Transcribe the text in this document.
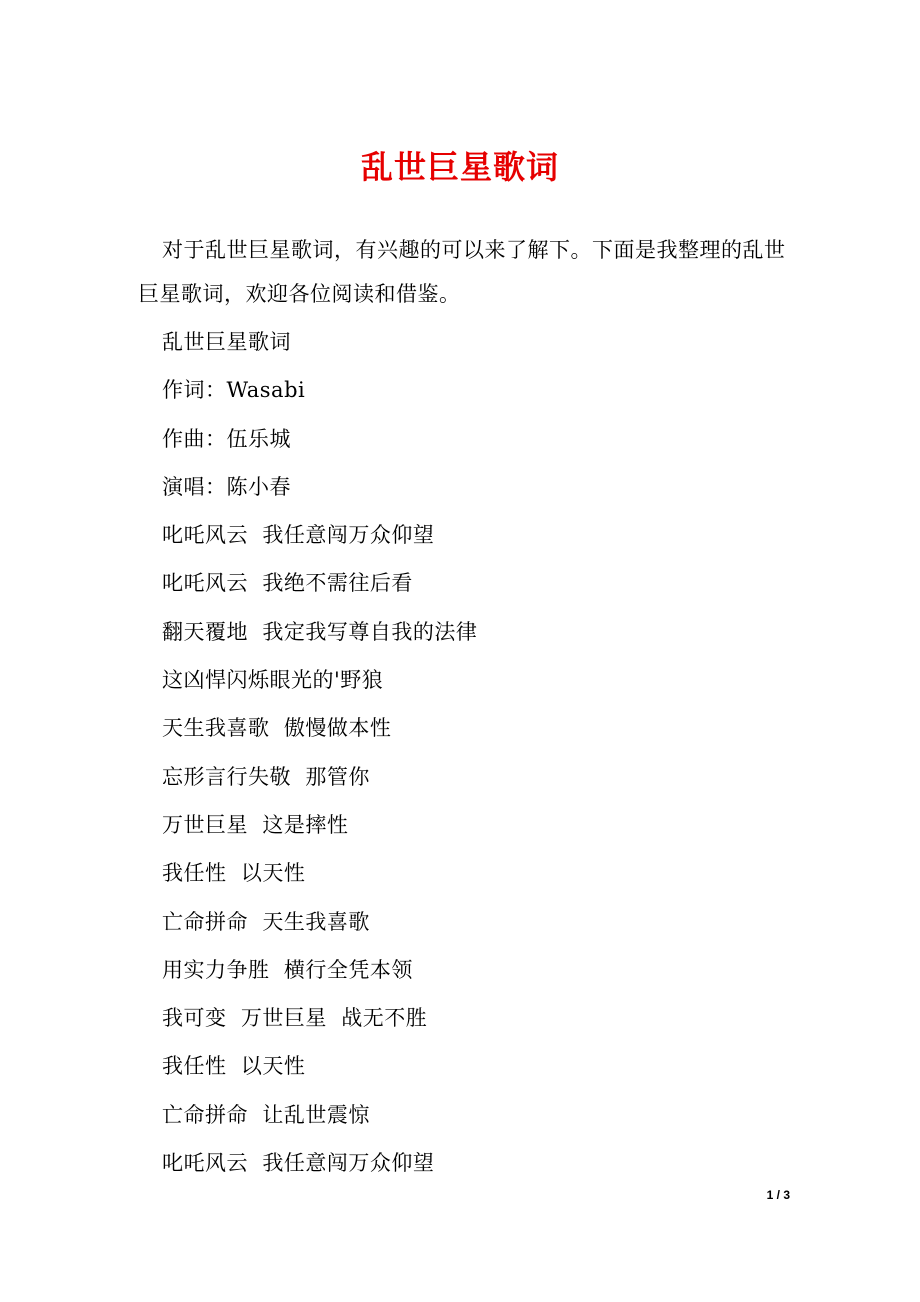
乱世巨星歌词

对于乱世巨星歌词，有兴趣的可以来了解下。下面是我整理的乱世巨星歌词，欢迎各位阅读和借鉴。

乱世巨星歌词
作词：Wasabi
作曲：伍乐城
演唱：陈小春
叱吒风云  我任意闯万众仰望
叱吒风云  我绝不需往后看
翻天覆地  我定我写尊自我的法律
这凶悍闪烁眼光的'野狼
天生我喜歌  傲慢做本性
忘形言行失敬  那管你
万世巨星  这是摔性
我任性  以天性
亡命拼命  天生我喜歌
用实力争胜  横行全凭本领
我可变  万世巨星  战无不胜
我任性  以天性
亡命拼命  让乱世震惊
叱吒风云  我任意闯万众仰望
1 / 3
